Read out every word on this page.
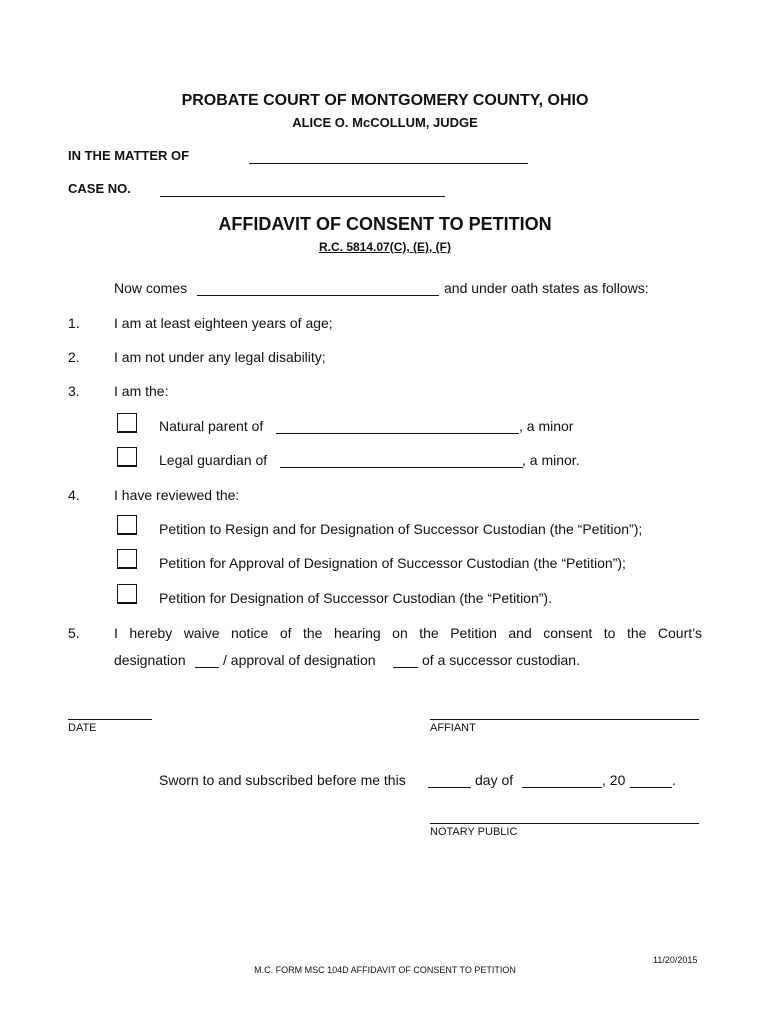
PROBATE COURT OF MONTGOMERY COUNTY, OHIO
ALICE O. McCOLLUM, JUDGE
IN THE MATTER OF
CASE NO.
AFFIDAVIT OF CONSENT TO PETITION
R.C. 5814.07(C), (E), (F)
Now comes	and under oath states as follows:
1. I am at least eighteen years of age;
2. I am not under any legal disability;
3. I am the:
Natural parent of	, a minor
Legal guardian of	, a minor.
4. I have reviewed the:
Petition to Resign and for Designation of Successor Custodian (the “Petition”);
Petition for Approval of Designation of Successor Custodian (the “Petition”);
Petition for Designation of Successor Custodian (the “Petition”).
5. I hereby waive notice of the hearing on the Petition and consent to the Court’s
designation	/ approval of designation	of a successor custodian.
DATE	AFFIANT
Sworn to and subscribed before me this	day of	, 20	.
NOTARY PUBLIC
11/20/2015
M.C. FORM MSC 104D AFFIDAVIT OF CONSENT TO PETITION
